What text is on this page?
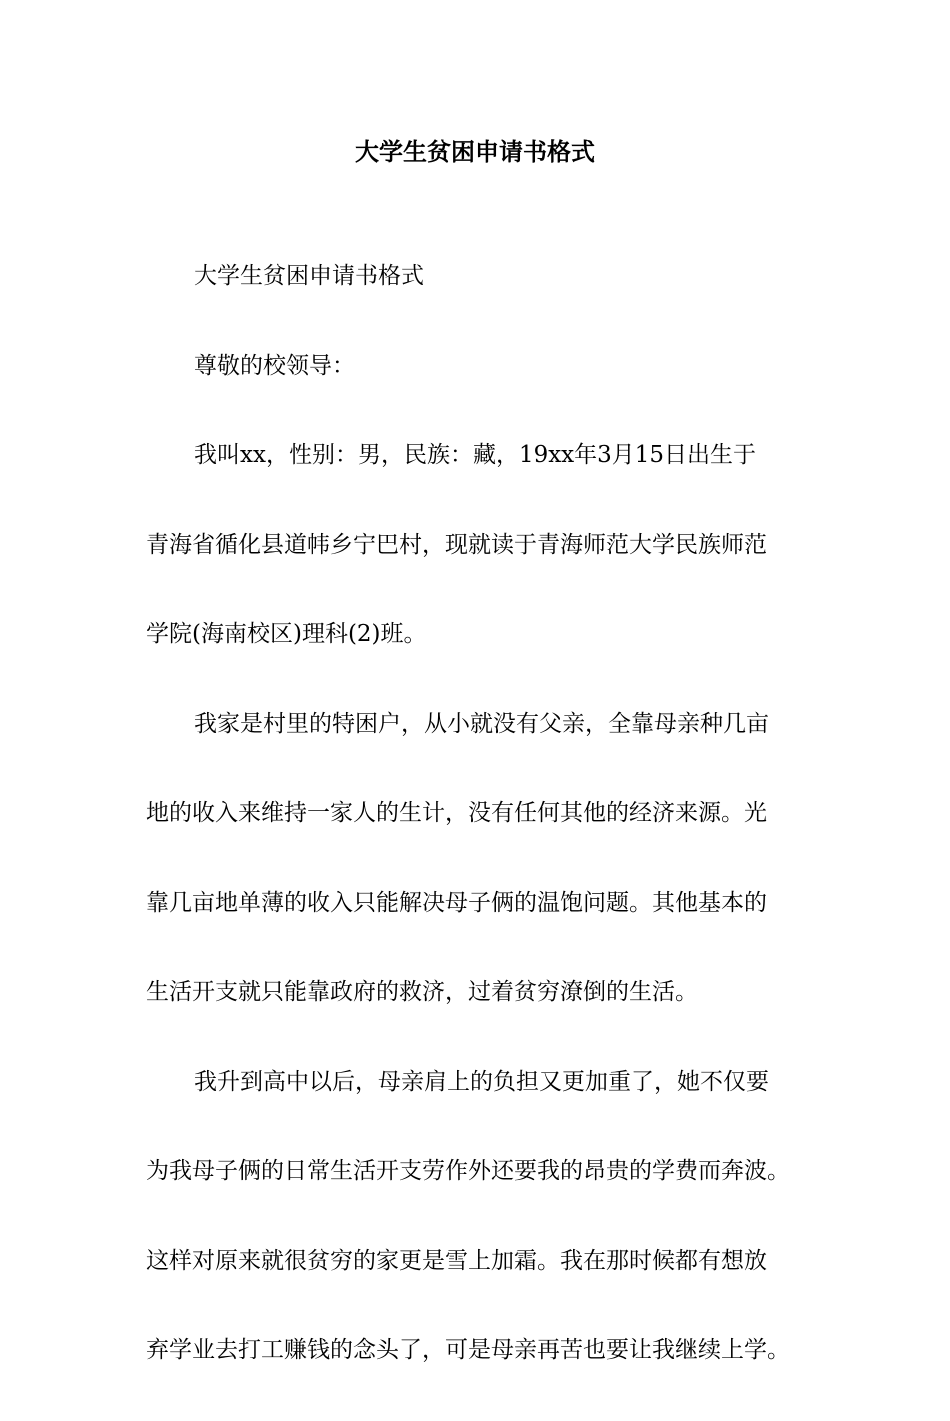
大学生贫困申请书格式
大学生贫困申请书格式
尊敬的校领导：
我叫xx，性别：男，民族：藏，19xx年3月15日出生于
青海省循化县道帏乡宁巴村，现就读于青海师范大学民族师范
学院(海南校区)理科(2)班。
我家是村里的特困户，从小就没有父亲，全靠母亲种几亩
地的收入来维持一家人的生计，没有任何其他的经济来源。光
靠几亩地单薄的收入只能解决母子俩的温饱问题。其他基本的
生活开支就只能靠政府的救济，过着贫穷潦倒的生活。
我升到高中以后，母亲肩上的负担又更加重了，她不仅要
为我母子俩的日常生活开支劳作外还要我的昂贵的学费而奔波。
这样对原来就很贫穷的家更是雪上加霜。我在那时候都有想放
弃学业去打工赚钱的念头了，可是母亲再苦也要让我继续上学。
